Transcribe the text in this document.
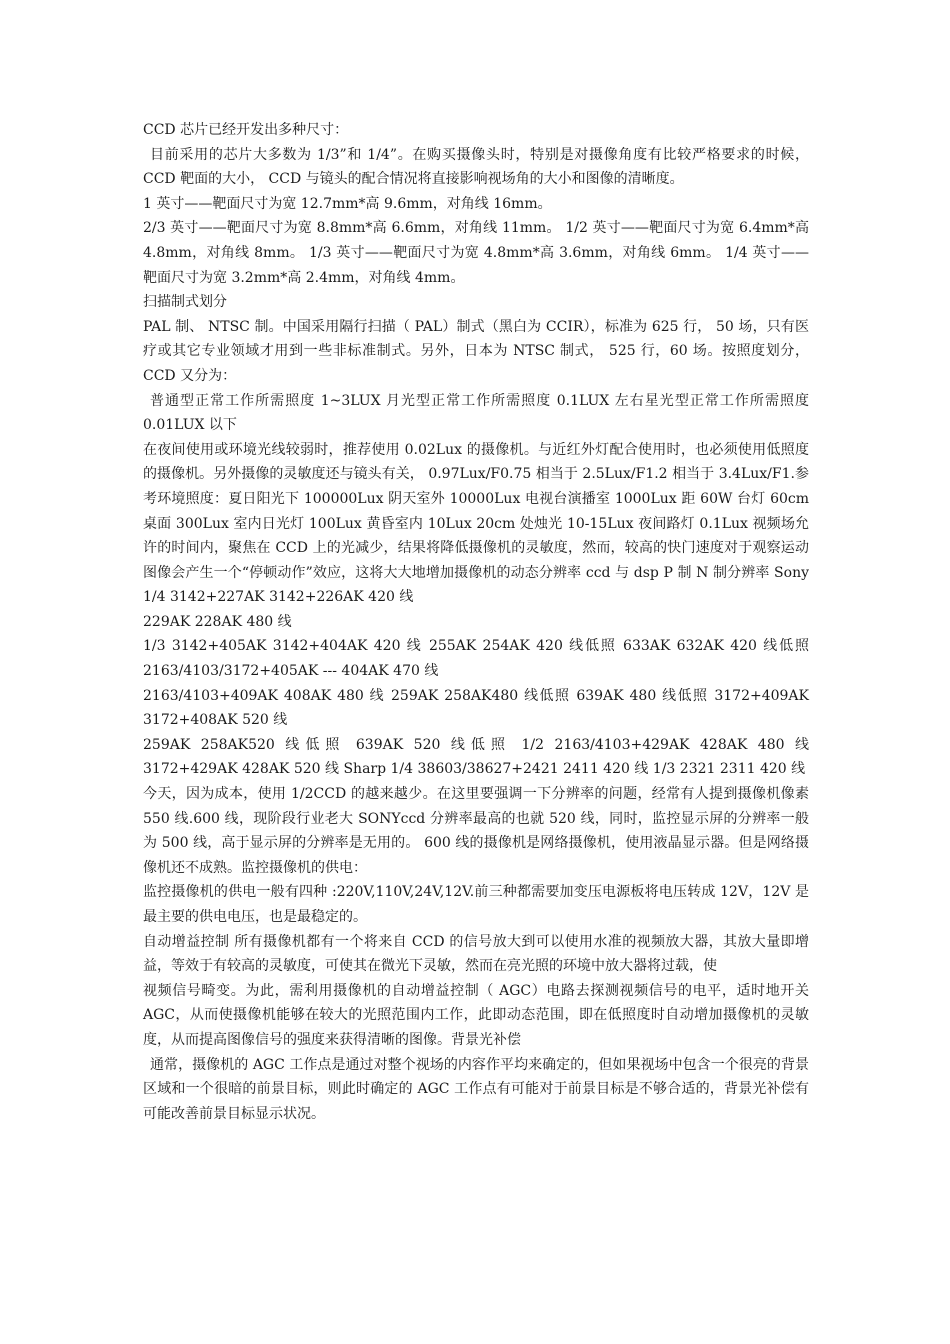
CCD 芯片已经开发出多种尺寸：

目前采用的芯片大多数为 1/3”和 1/4”。在购买摄像头时，特别是对摄像角度有比较严格要求的时候， CCD 靶面的大小， CCD 与镜头的配合情况将直接影响视场角的大小和图像的清晰度。

1 英寸——靶面尺寸为宽 12.7mm*高 9.6mm，对角线 16mm。

2/3 英寸——靶面尺寸为宽 8.8mm*高 6.6mm，对角线 11mm。 1/2 英寸——靶面尺寸为宽 6.4mm*高 4.8mm，对角线 8mm。 1/3 英寸——靶面尺寸为宽 4.8mm*高 3.6mm，对角线 6mm。 1/4 英寸——靶面尺寸为宽 3.2mm*高 2.4mm，对角线 4mm。

扫描制式划分

PAL 制、 NTSC 制。中国采用隔行扫描（ PAL）制式（黑白为 CCIR），标准为 625 行， 50 场，只有医疗或其它专业领域才用到一些非标准制式。另外，日本为 NTSC 制式， 525 行，60 场。按照度划分， CCD 又分为：

普通型正常工作所需照度 1~3LUX 月光型正常工作所需照度 0.1LUX 左右星光型正常工作所需照度 0.01LUX 以下

在夜间使用或环境光线较弱时，推荐使用 0.02Lux 的摄像机。与近红外灯配合使用时，也必须使用低照度的摄像机。另外摄像的灵敏度还与镜头有关， 0.97Lux/F0.75 相当于 2.5Lux/F1.2 相当于 3.4Lux/F1.参考环境照度：夏日阳光下 100000Lux 阴天室外 10000Lux 电视台演播室 1000Lux 距 60W 台灯 60cm 桌面 300Lux 室内日光灯 100Lux 黄昏室内 10Lux 20cm 处烛光 10-15Lux 夜间路灯 0.1Lux 视频场允许的时间内，聚焦在 CCD 上的光减少，结果将降低摄像机的灵敏度，然而，较高的快门速度对于观察运动图像会产生一个“停顿动作”效应，这将大大地增加摄像机的动态分辨率 ccd 与 dsp P 制 N 制分辨率 Sony 1/4 3142+227AK 3142+226AK 420 线

229AK 228AK 480 线

1/3 3142+405AK 3142+404AK 420 线 255AK 254AK 420 线低照 633AK 632AK 420 线低照 2163/4103/3172+405AK --- 404AK 470 线

2163/4103+409AK 408AK 480 线 259AK 258AK480 线低照 639AK 480 线低照 3172+409AK 3172+408AK 520 线

259AK 258AK520 线低照 639AK 520 线低照 1/2 2163/4103+429AK 428AK 480 线 3172+429AK 428AK 520 线 Sharp 1/4 38603/38627+2421 2411 420 线 1/3 2321 2311 420 线

今天，因为成本，使用 1/2CCD 的越来越少。在这里要强调一下分辨率的问题，经常有人提到摄像机像素 550 线.600 线，现阶段行业老大 SONYccd 分辨率最高的也就 520 线，同时，监控显示屏的分辨率一般为 500 线，高于显示屏的分辨率是无用的。 600 线的摄像机是网络摄像机，使用液晶显示器。但是网络摄像机还不成熟。监控摄像机的供电：

监控摄像机的供电一般有四种 :220V,110V,24V,12V.前三种都需要加变压电源板将电压转成 12V，12V 是最主要的供电电压，也是最稳定的。

自动增益控制 所有摄像机都有一个将来自 CCD 的信号放大到可以使用水准的视频放大器，其放大量即增益，等效于有较高的灵敏度，可使其在微光下灵敏，然而在亮光照的环境中放大器将过载，使

视频信号畸变。为此，需利用摄像机的自动增益控制（ AGC）电路去探测视频信号的电平，适时地开关 AGC，从而使摄像机能够在较大的光照范围内工作，此即动态范围，即在低照度时自动增加摄像机的灵敏度，从而提高图像信号的强度来获得清晰的图像。背景光补偿

通常，摄像机的 AGC 工作点是通过对整个视场的内容作平均来确定的，但如果视场中包含一个很亮的背景区域和一个很暗的前景目标，则此时确定的 AGC 工作点有可能对于前景目标是不够合适的，背景光补偿有可能改善前景目标显示状况。
